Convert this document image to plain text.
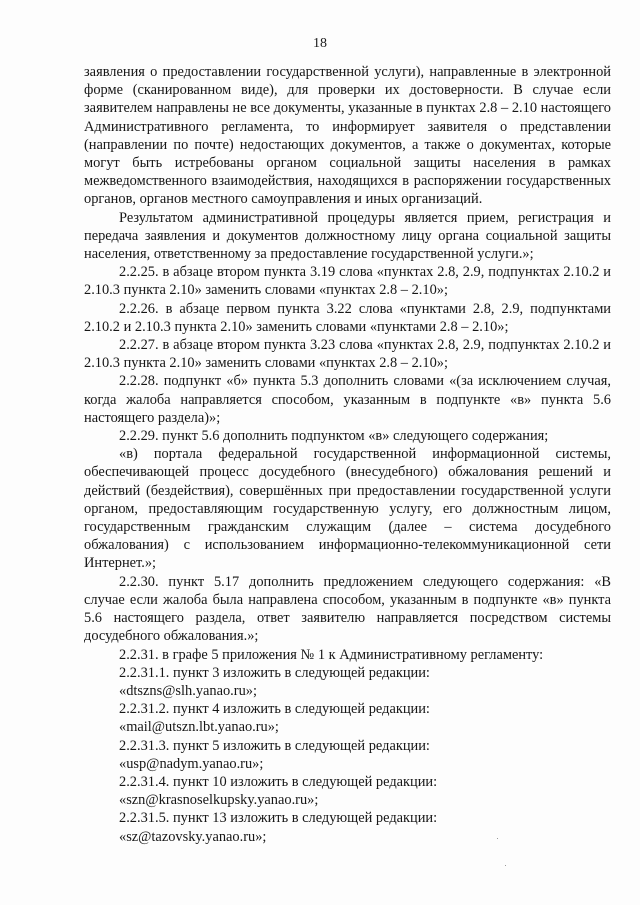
18

заявления о предоставлении государственной услуги), направленные в электронной форме (сканированном виде), для проверки их достоверности. В случае если заявителем направлены не все документы, указанные в пунктах 2.8 – 2.10 настоящего Административного регламента, то информирует заявителя о представлении (направлении по почте) недостающих документов, а также о документах, которые могут быть истребованы органом социальной защиты населения в рамках межведомственного взаимодействия, находящихся в распоряжении государственных органов, органов местного самоуправления и иных организаций.

Результатом административной процедуры является прием, регистрация и передача заявления и документов должностному лицу органа социальной защиты населения, ответственному за предоставление государственной услуги.»;

2.2.25. в абзаце втором пункта 3.19 слова «пунктах 2.8, 2.9, подпунктах 2.10.2 и 2.10.3 пункта 2.10» заменить словами «пунктах 2.8 – 2.10»;

2.2.26. в абзаце первом пункта 3.22 слова «пунктами 2.8, 2.9, подпунктами 2.10.2 и 2.10.3 пункта 2.10» заменить словами «пунктами 2.8 – 2.10»;

2.2.27. в абзаце втором пункта 3.23 слова «пунктах 2.8, 2.9, подпунктах 2.10.2 и 2.10.3 пункта 2.10» заменить словами «пунктах 2.8 – 2.10»;

2.2.28. подпункт «б» пункта 5.3 дополнить словами «(за исключением случая, когда жалоба направляется способом, указанным в подпункте «в» пункта 5.6 настоящего раздела)»;

2.2.29. пункт 5.6 дополнить подпунктом «в» следующего содержания;

«в) портала федеральной государственной информационной системы, обеспечивающей процесс досудебного (внесудебного) обжалования решений и действий (бездействия), совершённых при предоставлении государственной услуги органом, предоставляющим государственную услугу, его должностным лицом, государственным гражданским служащим (далее – система досудебного обжалования) с использованием информационно-телекоммуникационной сети Интернет.»;

2.2.30. пункт 5.17 дополнить предложением следующего содержания: «В случае если жалоба была направлена способом, указанным в подпункте «в» пункта 5.6 настоящего раздела, ответ заявителю направляется посредством системы досудебного обжалования.»;

2.2.31. в графе 5 приложения № 1 к Административному регламенту:

2.2.31.1. пункт 3 изложить в следующей редакции:

«dtszns@slh.yanao.ru»;

2.2.31.2. пункт 4 изложить в следующей редакции:

«mail@utszn.lbt.yanao.ru»;

2.2.31.3. пункт 5 изложить в следующей редакции:

«usp@nadym.yanao.ru»;

2.2.31.4. пункт 10 изложить в следующей редакции:

«szn@krasnoselkupsky.yanao.ru»;

2.2.31.5. пункт 13 изложить в следующей редакции:

«sz@tazovsky.yanao.ru»;
